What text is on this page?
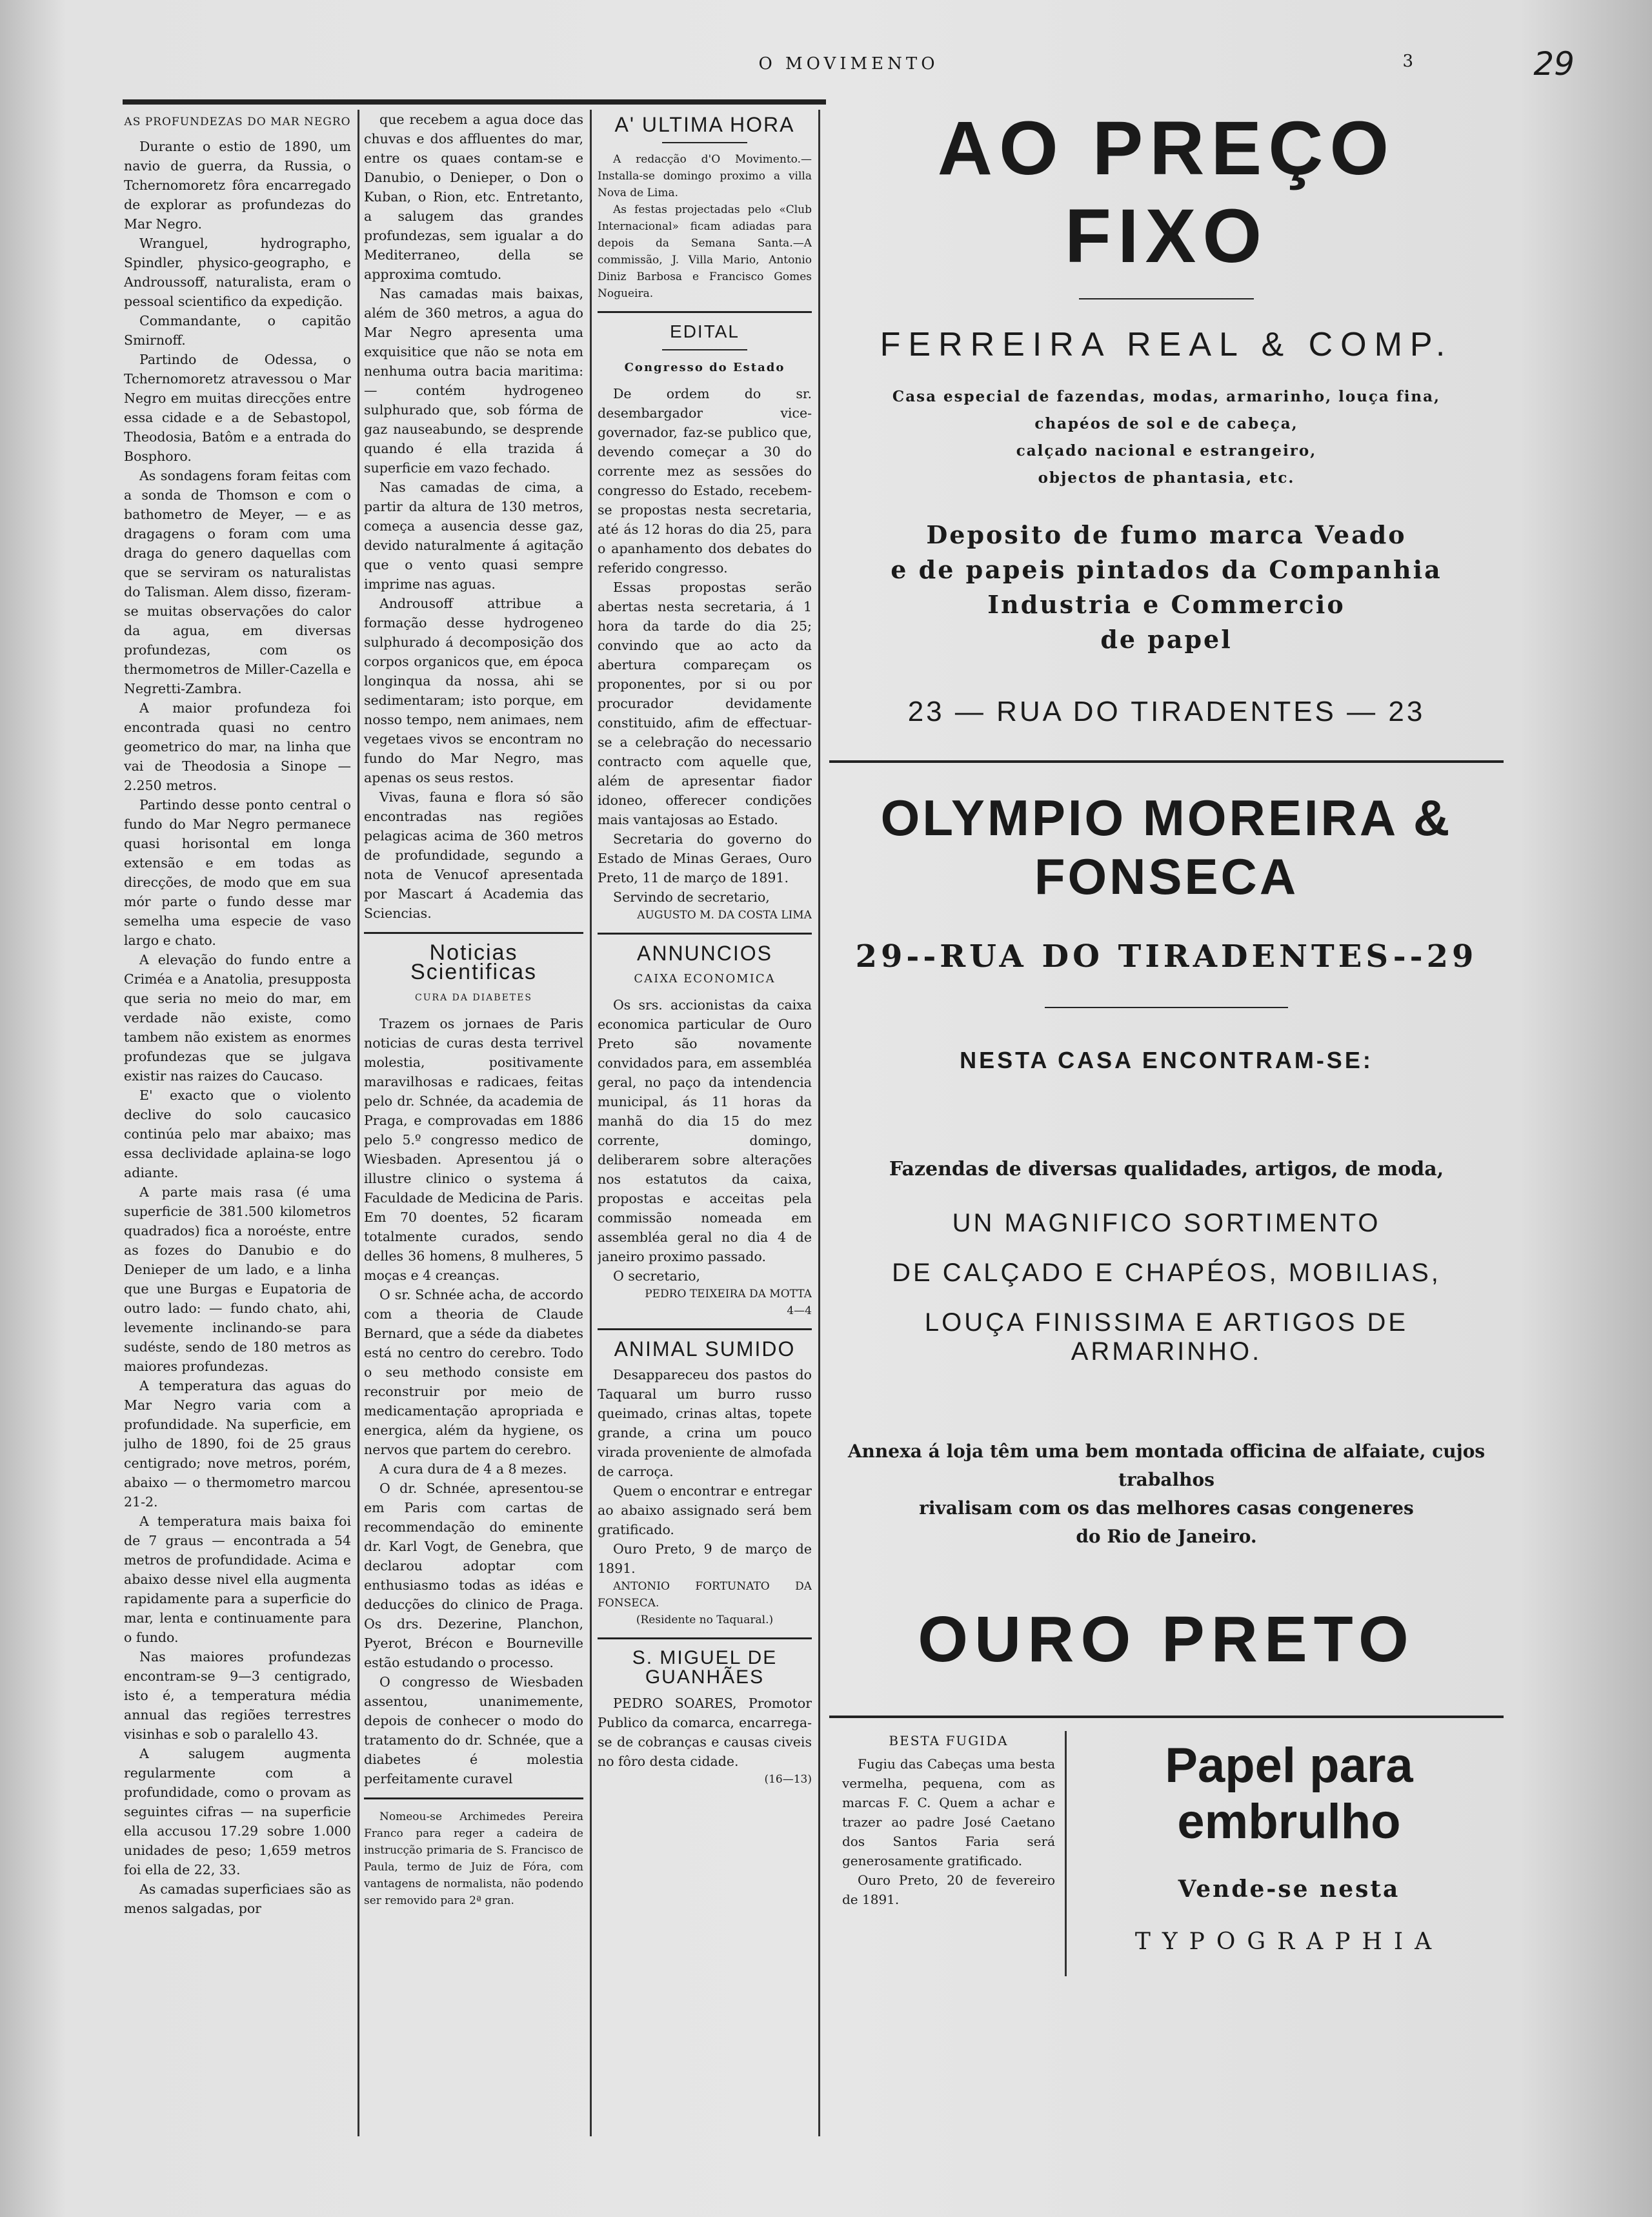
O MOVIMENTO	3	29
AS PROFUNDEZAS DO MAR NEGRO

Durante o estio de 1890, um navio de guerra, da Russia, o Tchernomoretz fôra encarregado de explorar as profundezas do Mar Negro.

Wranguel, hydrographo, Spindler, physico-geographo, e Androussoff, naturalista, eram o pessoal scientifico da expedição.

Commandante, o capitão Smirnoff.

Partindo de Odessa, o Tchernomoretz atravessou o Mar Negro em muitas direcções entre essa cidade e a de Sebastopol, Theodosia, Batôm e a entrada do Bosphoro.

As sondagens foram feitas com a sonda de Thomson e com o bathometro de Meyer, — e as dragagens o foram com uma draga do genero daquellas com que se serviram os naturalistas do Talisman. Alem disso, fizeram-se muitas observações do calor da agua, em diversas profundezas, com os thermometros de Miller-Cazella e Negretti-Zambra.

A maior profundeza foi encontrada quasi no centro geometrico do mar, na linha que vai de Theodosia a Sinope — 2.250 metros.

Partindo desse ponto central o fundo do Mar Negro permanece quasi horisontal em longa extensão e em todas as direcções, de modo que em sua mór parte o fundo desse mar semelha uma especie de vaso largo e chato.

A elevação do fundo entre a Criméa e a Anatolia, presupposta que seria no meio do mar, em verdade não existe, como tambem não existem as enormes profundezas que se julgava existir nas raizes do Caucaso.

E' exacto que o violento declive do solo caucasico continúa pelo mar abaixo; mas essa declividade aplaina-se logo adiante.

A parte mais rasa (é uma superficie de 381.500 kilometros quadrados) fica a noroéste, entre as fozes do Danubio e do Denieper de um lado, e a linha que une Burgas e Eupatoria de outro lado: — fundo chato, ahi, levemente inclinando-se para sudéste, sendo de 180 metros as maiores profundezas.

A temperatura das aguas do Mar Negro varia com a profundidade. Na superficie, em julho de 1890, foi de 25 graus centigrado; nove metros, porém, abaixo — o thermometro marcou 21-2.

A temperatura mais baixa foi de 7 graus — encontrada a 54 metros de profundidade. Acima e abaixo desse nivel ella augmenta rapidamente para a superficie do mar, lenta e continuamente para o fundo.

Nas maiores profundezas encontram-se 9—3 centigrado, isto é, a temperatura média annual das regiões terrestres visinhas e sob o paralello 43.

A salugem augmenta regularmente com a profundidade, como o provam as seguintes cifras — na superficie ella accusou 17.29 sobre 1.000 unidades de peso; 1,659 metros foi ella de 22, 33.

As camadas superficiaes são as menos salgadas, por

que recebem a agua doce das chuvas e dos affluentes do mar, entre os quaes contam-se e Danubio, o Denieper, o Don o Kuban, o Rion, etc. Entretanto, a salugem das grandes profundezas, sem igualar a do Mediterraneo, della se approxima comtudo.

Nas camadas mais baixas, além de 360 metros, a agua do Mar Negro apresenta uma exquisitice que não se nota em nenhuma outra bacia maritima: — contém hydrogeneo sulphurado que, sob fórma de gaz nauseabundo, se desprende quando é ella trazida á superficie em vazo fechado.

Nas camadas de cima, a partir da altura de 130 metros, começa a ausencia desse gaz, devido naturalmente á agitação que o vento quasi sempre imprime nas aguas.

Androusoff attribue a formação desse hydrogeneo sulphurado á decomposição dos corpos organicos que, em época longinqua da nossa, ahi se sedimentaram; isto porque, em nosso tempo, nem animaes, nem vegetaes vivos se encontram no fundo do Mar Negro, mas apenas os seus restos.

Vivas, fauna e flora só são encontradas nas regiões pelagicas acima de 360 metros de profundidade, segundo a nota de Venucof apresentada por Mascart á Academia das Sciencias.

Noticias Scientificas
CURA DA DIABETES

Trazem os jornaes de Paris noticias de curas desta terrivel molestia, positivamente maravilhosas e radicaes, feitas pelo dr. Schnée, da academia de Praga, e comprovadas em 1886 pelo 5.º congresso medico de Wiesbaden. Apresentou já o illustre clinico o systema á Faculdade de Medicina de Paris. Em 70 doentes, 52 ficaram totalmente curados, sendo delles 36 homens, 8 mulheres, 5 moças e 4 creanças.

O sr. Schnée acha, de accordo com a theoria de Claude Bernard, que a séde da diabetes está no centro do cerebro. Todo o seu methodo consiste em reconstruir por meio de medicamentação apropriada e energica, além da hygiene, os nervos que partem do cerebro.

A cura dura de 4 a 8 mezes.

O dr. Schnée, apresentou-se em Paris com cartas de recommendação do eminente dr. Karl Vogt, de Genebra, que declarou adoptar com enthusiasmo todas as idéas e deducções do clinico de Praga. Os drs. Dezerine, Planchon, Pyerot, Brécon e Bourneville estão estudando o processo.

O congresso de Wiesbaden assentou, unanimemente, depois de conhecer o modo do tratamento do dr. Schnée, que a diabetes é molestia perfeitamente curavel

Nomeou-se Archimedes Pereira Franco para reger a cadeira de instrucção primaria de S. Francisco de Paula, termo de Juiz de Fóra, com vantagens de normalista, não podendo ser removido para 2ª gran.

A' ULTIMA HORA

A redacção d'O Movimento.— Installa-se domingo proximo a villa Nova de Lima.

As festas projectadas pelo «Club Internacional» ficam adiadas para depois da Semana Santa.—A commissão, J. Villa Mario, Antonio Diniz Barbosa e Francisco Gomes Nogueira.

EDITAL
Congresso do Estado

De ordem do sr. desembargador vice-governador, faz-se publico que, devendo começar a 30 do corrente mez as sessões do congresso do Estado, recebem-se propostas nesta secretaria, até ás 12 horas do dia 25, para o apanhamento dos debates do referido congresso.

Essas propostas serão abertas nesta secretaria, á 1 hora da tarde do dia 25; convindo que ao acto da abertura compareçam os proponentes, por si ou por procurador devidamente constituido, afim de effectuar-se a celebração do necessario contracto com aquelle que, além de apresentar fiador idoneo, offerecer condições mais vantajosas ao Estado.

Secretaria do governo do Estado de Minas Geraes, Ouro Preto, 11 de março de 1891.

Servindo de secretario,

AUGUSTO M. DA COSTA LIMA
ANNUNCIOS
CAIXA ECONOMICA

Os srs. accionistas da caixa economica particular de Ouro Preto são novamente convidados para, em assembléa geral, no paço da intendencia municipal, ás 11 horas da manhã do dia 15 do mez corrente, domingo, deliberarem sobre alterações nos estatutos da caixa, propostas e acceitas pela commissão nomeada em assembléa geral no dia 4 de janeiro proximo passado.

O secretario,

PEDRO TEIXEIRA DA MOTTA
4—4
ANIMAL SUMIDO

Desappareceu dos pastos do Taquaral um burro russo queimado, crinas altas, topete grande, a crina um pouco virada proveniente de almofada de carroça.

Quem o encontrar e entregar ao abaixo assignado será bem gratificado.

Ouro Preto, 9 de março de 1891.

ANTONIO FORTUNATO DA FONSECA.

(Residente no Taquaral.)
S. MIGUEL DE GUANHÃES

PEDRO SOARES, Promotor Publico da comarca, encarrega-se de cobranças e causas civeis no fôro desta cidade.

(16—13)
AO PREÇO FIXO
FERREIRA REAL & COMP.
Casa especial de fazendas, modas, armarinho, louça fina,
chapéos de sol e de cabeça,
calçado nacional e estrangeiro,
objectos de phantasia, etc.
Deposito de fumo marca Veado
e de papeis pintados da Companhia
Industria e Commercio
de papel
23 — RUA DO TIRADENTES — 23
OLYMPIO MOREIRA & FONSECA
29--RUA DO TIRADENTES--29
NESTA CASA ENCONTRAM-SE:
Fazendas de diversas qualidades, artigos, de moda,
UN MAGNIFICO SORTIMENTO
DE CALÇADO E CHAPÉOS, MOBILIAS,
LOUÇA FINISSIMA E ARTIGOS DE ARMARINHO.
Annexa á loja têm uma bem montada officina de alfaiate, cujos trabalhos
rivalisam com os das melhores casas congeneres
do Rio de Janeiro.
OURO PRETO
BESTA FUGIDA
Fugiu das Cabeças uma besta vermelha, pequena, com as marcas F. C. Quem a achar e trazer ao padre José Caetano dos Santos Faria será generosamente gratificado.
Ouro Preto, 20 de fevereiro de 1891.
Papel para embrulho
Vende-se nesta
TYPOGRAPHIA
